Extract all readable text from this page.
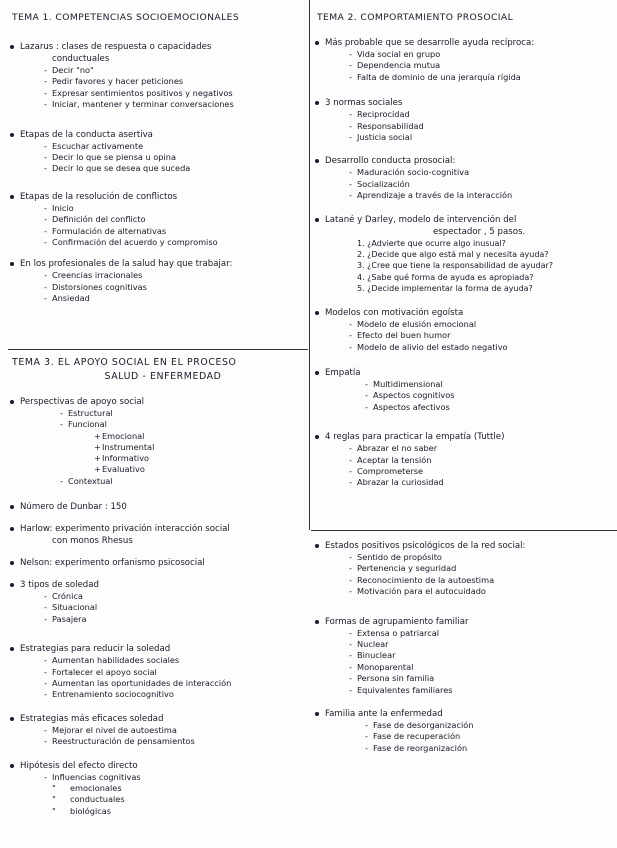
TEMA 1. COMPETENCIAS SOCIOEMOCIONALES
Lazarus : clases de respuesta o capacidades
conductuales
- Decir "no"
- Pedir favores y hacer peticiones
- Expresar sentimientos positivos y negativos
- Iniciar, mantener y terminar conversaciones
Etapas de la conducta asertiva
- Escuchar activamente
- Decir lo que se piensa u opina
- Decir lo que se desea que suceda
Etapas de la resolución de conflictos
- Inicio
- Definición del conflicto
- Formulación de alternativas
- Confirmación del acuerdo y compromiso
En los profesionales de la salud hay que trabajar:
- Creencias irracionales
- Distorsiones cognitivas
- Ansiedad
TEMA 3. EL APOYO SOCIAL EN EL PROCESO
SALUD - ENFERMEDAD
Perspectivas de apoyo social
- Estructural
- Funcional
+ Emocional
+ Instrumental
+ Informativo
+ Evaluativo
- Contextual
Número de Dunbar : 150
Harlow: experimento privación interacción social
con monos Rhesus
Nelson: experimento orfanismo psicosocial
3 tipos de soledad
- Crónica
- Situacional
- Pasajera
Estrategias para reducir la soledad
- Aumentan habilidades sociales
- Fortalecer el apoyo social
- Aumentan las oportunidades de interacción
- Entrenamiento sociocognitivo
Estrategias más eficaces soledad
- Mejorar el nivel de autoestima
- Reestructuración de pensamientos
Hipótesis del efecto directo
- Influencias cognitivas
" emocionales
" conductuales
" biológicas
TEMA 2. COMPORTAMIENTO PROSOCIAL
Más probable que se desarrolle ayuda recíproca:
- Vida social en grupo
- Dependencia mutua
- Falta de dominio de una jerarquía rígida
3 normas sociales
- Reciprocidad
- Responsabilidad
- Justicia social
Desarrollo conducta prosocial:
- Maduración socio-cognitiva
- Socialización
- Aprendizaje a través de la interacción
Latané y Darley, modelo de intervención del
espectador , 5 pasos.
1. ¿Advierte que ocurre algo inusual?
2. ¿Decide que algo está mal y necesita ayuda?
3. ¿Cree que tiene la responsabilidad de ayudar?
4. ¿Sabe qué forma de ayuda es apropiada?
5. ¿Decide implementar la forma de ayuda?
Modelos con motivación egoísta
- Modelo de elusión emocional
- Efecto del buen humor
- Modelo de alivio del estado negativo
Empatía
- Multidimensional
- Aspectos cognitivos
- Aspectos afectivos
4 reglas para practicar la empatía (Tuttle)
- Abrazar el no saber
- Aceptar la tensión
- Comprometerse
- Abrazar la curiosidad
Estados positivos psicológicos de la red social:
- Sentido de propósito
- Pertenencia y seguridad
- Reconocimiento de la autoestima
- Motivación para el autocuidado
Formas de agrupamiento familiar
- Extensa o patriarcal
- Nuclear
- Binuclear
- Monoparental
- Persona sin familia
- Equivalentes familiares
Familia ante la enfermedad
- Fase de desorganización
- Fase de recuperación
- Fase de reorganización
